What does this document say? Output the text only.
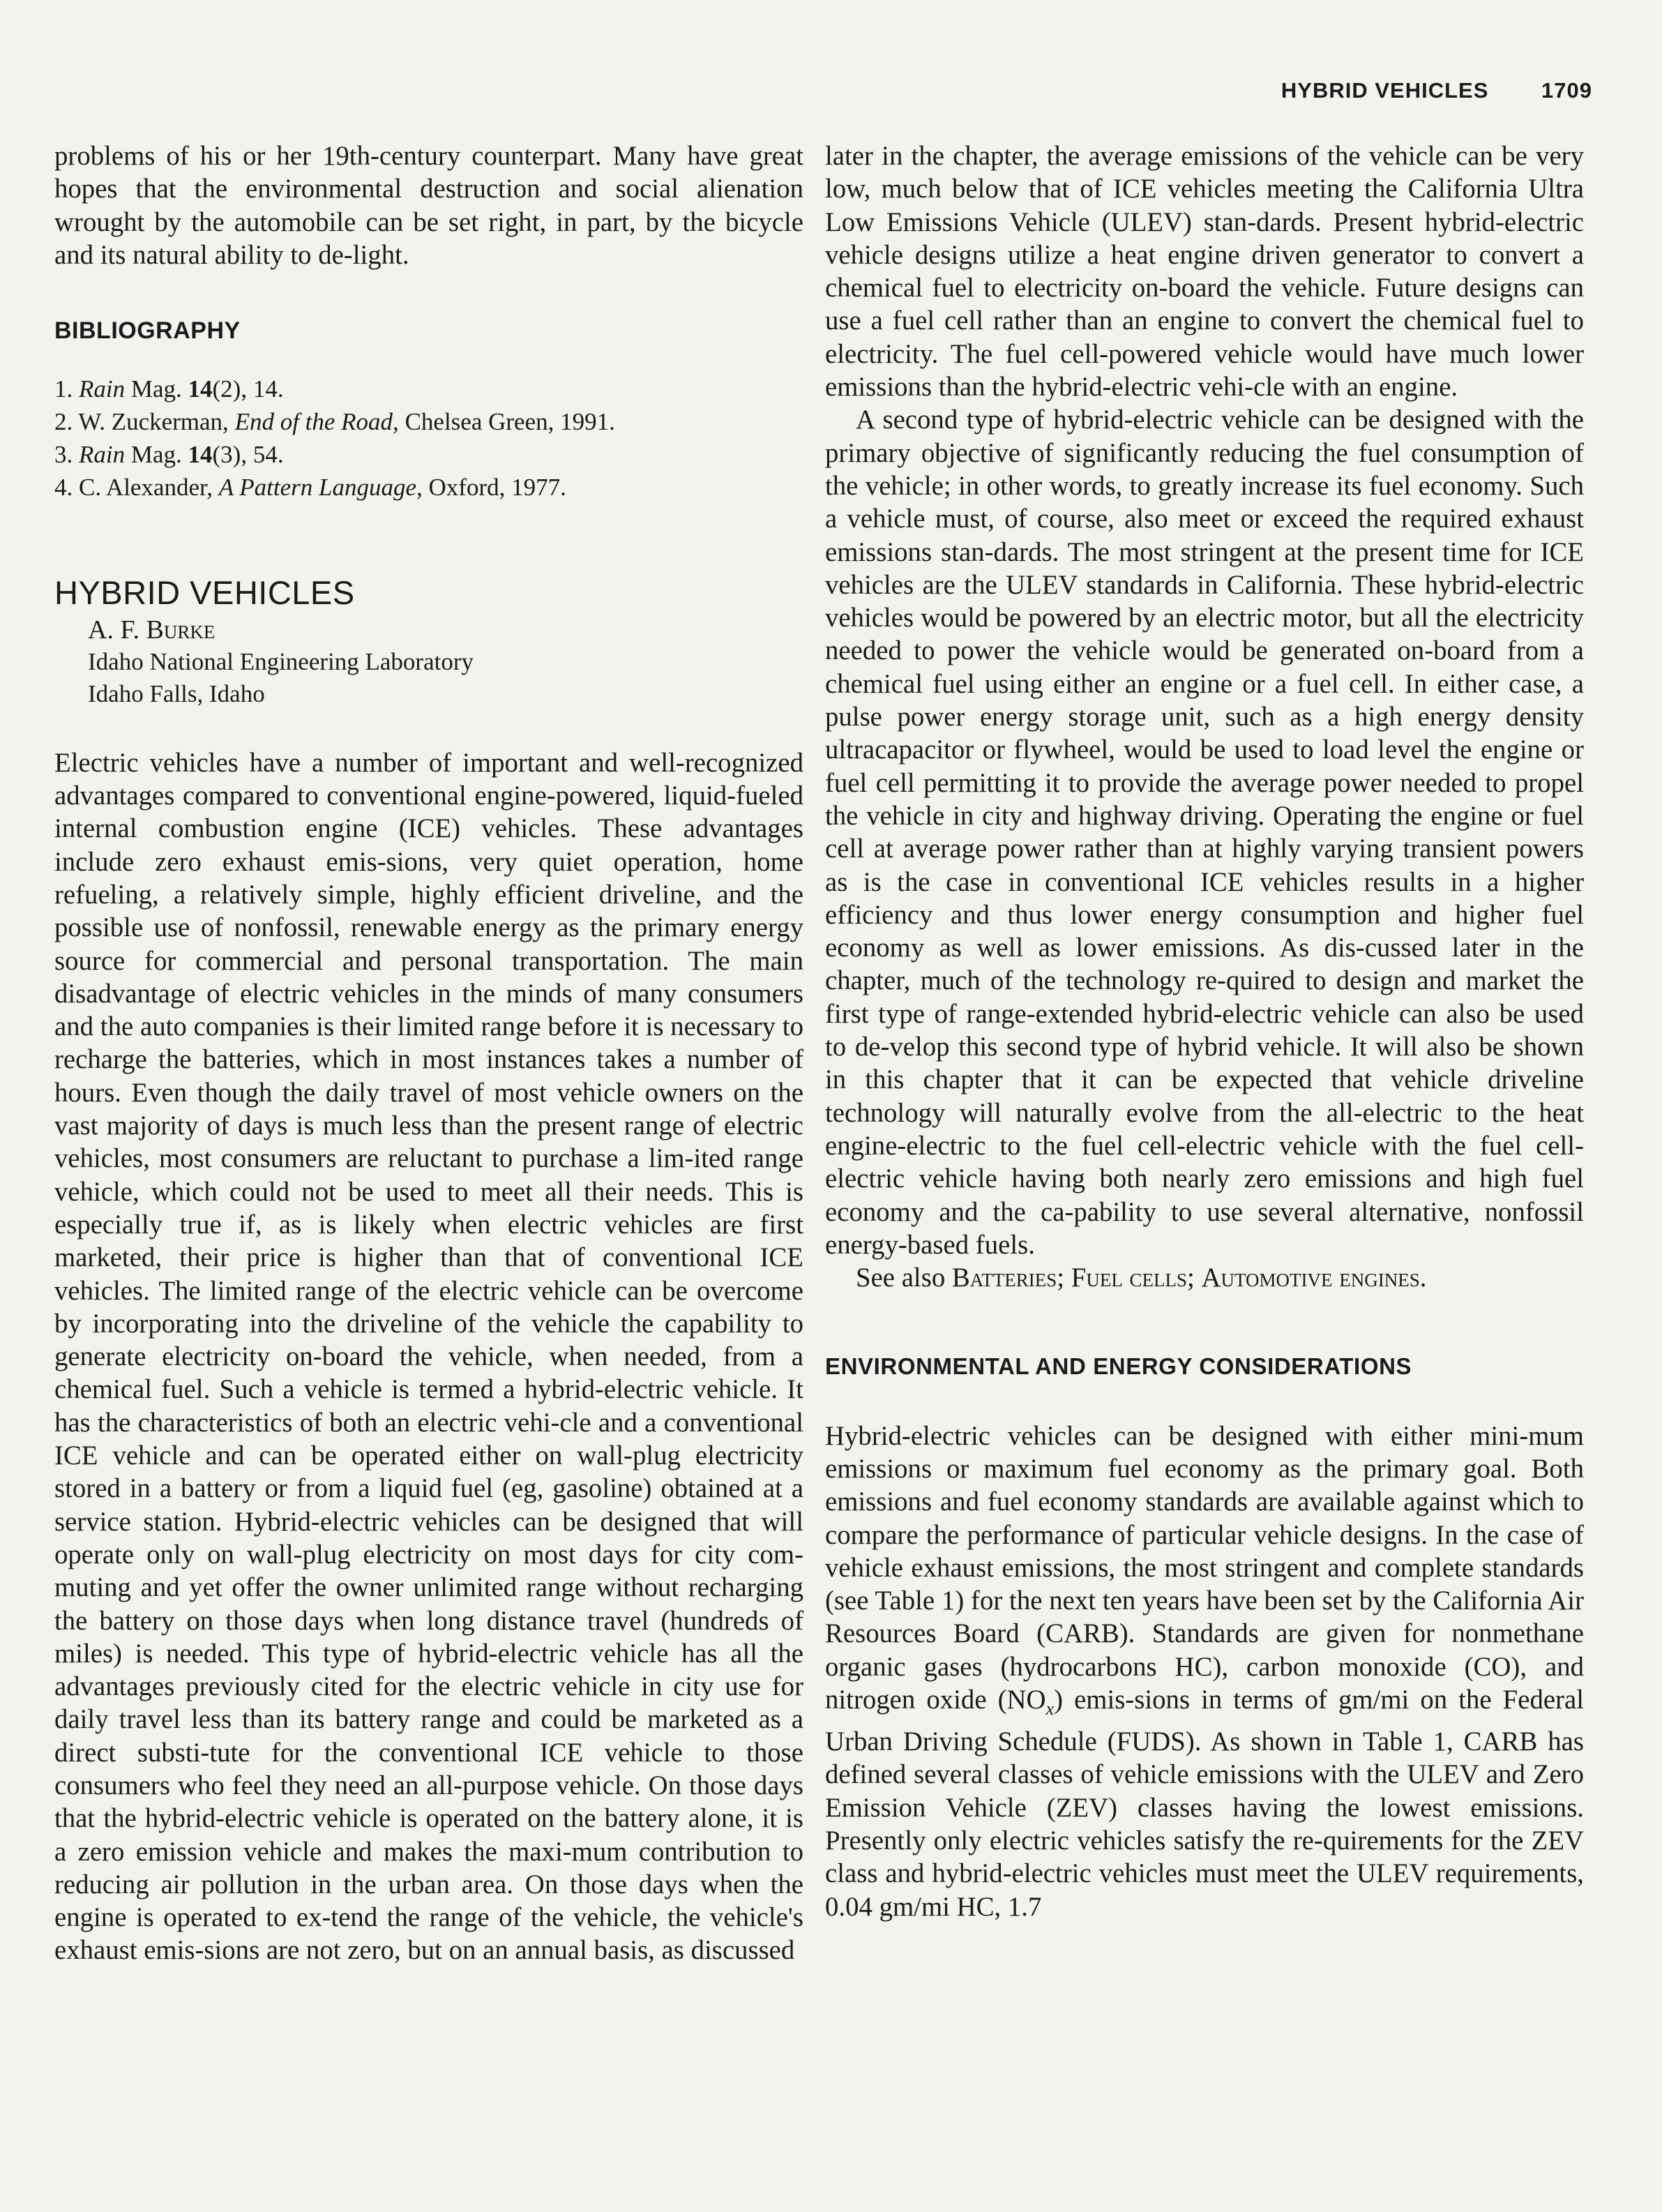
HYBRID VEHICLES 1709

problems of his or her 19th-century counterpart. Many have great hopes that the environmental destruction and social alienation wrought by the automobile can be set right, in part, by the bicycle and its natural ability to de-light.

BIBLIOGRAPHY
1. Rain Mag. 14(2), 14.
2. W. Zuckerman, End of the Road, Chelsea Green, 1991.
3. Rain Mag. 14(3), 54.
4. C. Alexander, A Pattern Language, Oxford, 1977.
HYBRID VEHICLES
A. F. Burke
Idaho National Engineering Laboratory
Idaho Falls, Idaho

Electric vehicles have a number of important and well-recognized advantages compared to conventional engine-powered, liquid-fueled internal combustion engine (ICE) vehicles. These advantages include zero exhaust emis-sions, very quiet operation, home refueling, a relatively simple, highly efficient driveline, and the possible use of nonfossil, renewable energy as the primary energy source for commercial and personal transportation. The main disadvantage of electric vehicles in the minds of many consumers and the auto companies is their limited range before it is necessary to recharge the batteries, which in most instances takes a number of hours. Even though the daily travel of most vehicle owners on the vast majority of days is much less than the present range of electric vehicles, most consumers are reluctant to purchase a lim-ited range vehicle, which could not be used to meet all their needs. This is especially true if, as is likely when electric vehicles are first marketed, their price is higher than that of conventional ICE vehicles. The limited range of the electric vehicle can be overcome by incorporating into the driveline of the vehicle the capability to generate electricity on-board the vehicle, when needed, from a chemical fuel. Such a vehicle is termed a hybrid-electric vehicle. It has the characteristics of both an electric vehi-cle and a conventional ICE vehicle and can be operated either on wall-plug electricity stored in a battery or from a liquid fuel (eg, gasoline) obtained at a service station. Hybrid-electric vehicles can be designed that will operate only on wall-plug electricity on most days for city com-muting and yet offer the owner unlimited range without recharging the battery on those days when long distance travel (hundreds of miles) is needed. This type of hybrid-electric vehicle has all the advantages previously cited for the electric vehicle in city use for daily travel less than its battery range and could be marketed as a direct substi-tute for the conventional ICE vehicle to those consumers who feel they need an all-purpose vehicle. On those days that the hybrid-electric vehicle is operated on the battery alone, it is a zero emission vehicle and makes the maxi-mum contribution to reducing air pollution in the urban area. On those days when the engine is operated to ex-tend the range of the vehicle, the vehicle's exhaust emis-sions are not zero, but on an annual basis, as discussed

later in the chapter, the average emissions of the vehicle can be very low, much below that of ICE vehicles meeting the California Ultra Low Emissions Vehicle (ULEV) stan-dards. Present hybrid-electric vehicle designs utilize a heat engine driven generator to convert a chemical fuel to electricity on-board the vehicle. Future designs can use a fuel cell rather than an engine to convert the chemical fuel to electricity. The fuel cell-powered vehicle would have much lower emissions than the hybrid-electric vehi-cle with an engine.

A second type of hybrid-electric vehicle can be designed with the primary objective of significantly reducing the fuel consumption of the vehicle; in other words, to greatly increase its fuel economy. Such a vehicle must, of course, also meet or exceed the required exhaust emissions stan-dards. The most stringent at the present time for ICE vehicles are the ULEV standards in California. These hybrid-electric vehicles would be powered by an electric motor, but all the electricity needed to power the vehicle would be generated on-board from a chemical fuel using either an engine or a fuel cell. In either case, a pulse power energy storage unit, such as a high energy density ultracapacitor or flywheel, would be used to load level the engine or fuel cell permitting it to provide the average power needed to propel the vehicle in city and highway driving. Operating the engine or fuel cell at average power rather than at highly varying transient powers as is the case in conventional ICE vehicles results in a higher efficiency and thus lower energy consumption and higher fuel economy as well as lower emissions. As dis-cussed later in the chapter, much of the technology re-quired to design and market the first type of range-extended hybrid-electric vehicle can also be used to de-velop this second type of hybrid vehicle. It will also be shown in this chapter that it can be expected that vehicle driveline technology will naturally evolve from the all-electric to the heat engine-electric to the fuel cell-electric vehicle with the fuel cell-electric vehicle having both nearly zero emissions and high fuel economy and the ca-pability to use several alternative, nonfossil energy-based fuels.

See also Batteries; Fuel cells; Automotive engines.

ENVIRONMENTAL AND ENERGY CONSIDERATIONS

Hybrid-electric vehicles can be designed with either mini-mum emissions or maximum fuel economy as the primary goal. Both emissions and fuel economy standards are available against which to compare the performance of particular vehicle designs. In the case of vehicle exhaust emissions, the most stringent and complete standards (see Table 1) for the next ten years have been set by the California Air Resources Board (CARB). Standards are given for nonmethane organic gases (hydrocarbons HC), carbon monoxide (CO), and nitrogen oxide $(NO_x)$ emis-sions in terms of gm/mi on the Federal Urban Driving Schedule (FUDS). As shown in Table 1, CARB has defined several classes of vehicle emissions with the ULEV and Zero Emission Vehicle (ZEV) classes having the lowest emissions. Presently only electric vehicles satisfy the re-quirements for the ZEV class and hybrid-electric vehicles must meet the ULEV requirements, 0.04 gm/mi HC, 1.7
